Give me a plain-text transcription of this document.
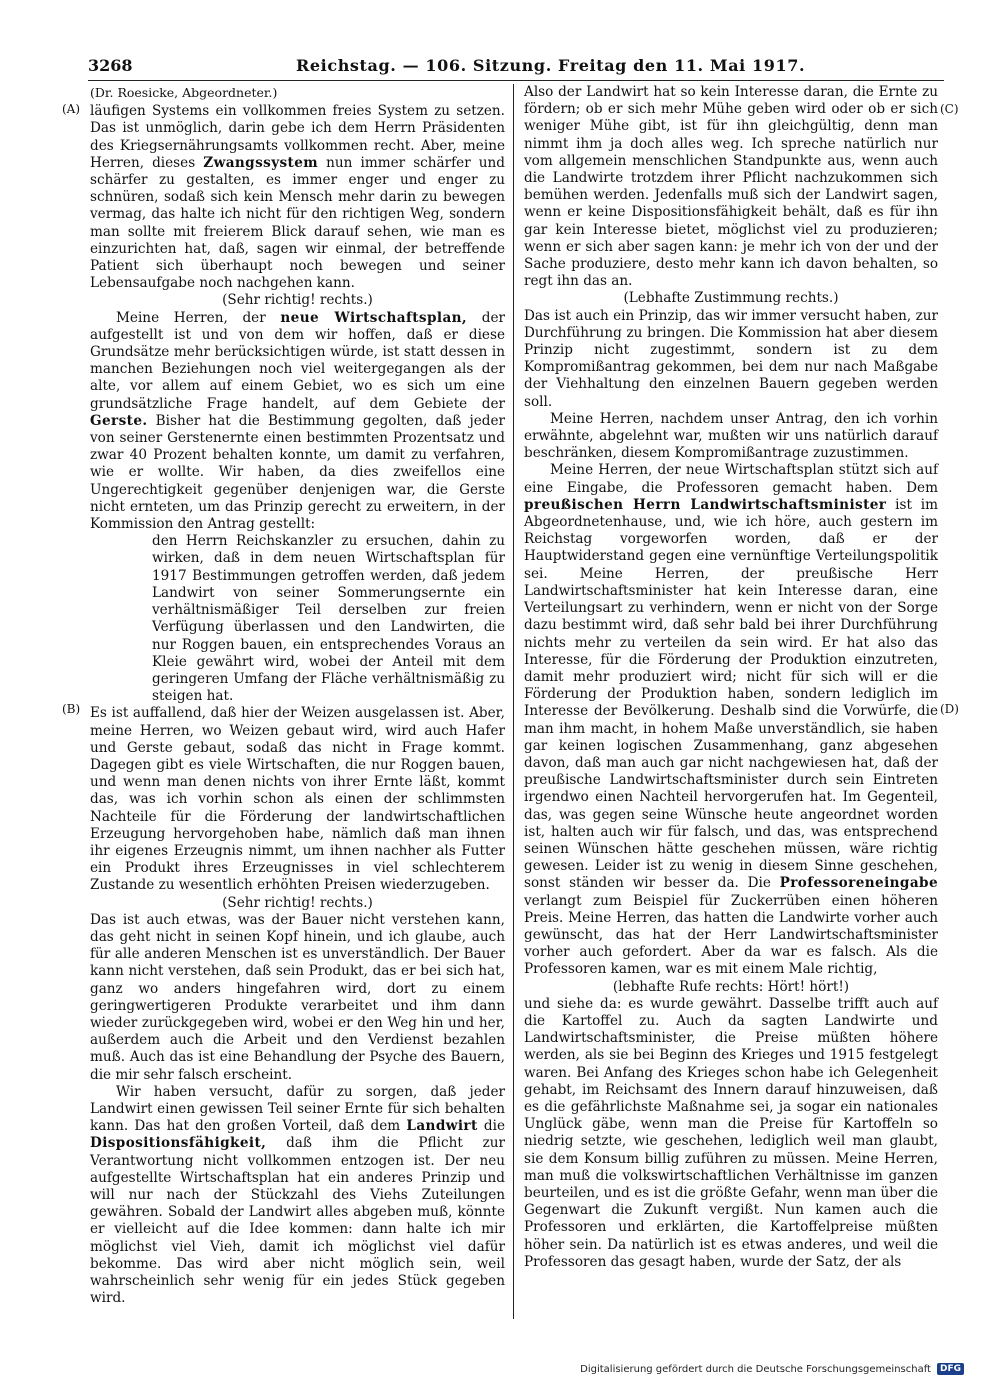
3268	Reichstag. — 106. Sitzung. Freitag den 11. Mai 1917.
(A)
(B)
(C)
(D)

(Dr. Roesicke, Abgeordneter.)

läufigen Systems ein vollkommen freies System zu setzen. Das ist unmöglich, darin gebe ich dem Herrn Präsidenten des Kriegsernährungsamts vollkommen recht. Aber, meine Herren, dieses Zwangssystem nun immer schärfer und schärfer zu gestalten, es immer enger und enger zu schnüren, sodaß sich kein Mensch mehr darin zu bewegen vermag, das halte ich nicht für den richtigen Weg, sondern man sollte mit freierem Blick darauf sehen, wie man es einzurichten hat, daß, sagen wir einmal, der betreffende Patient sich überhaupt noch bewegen und seiner Lebensaufgabe noch nachgehen kann.

(Sehr richtig! rechts.)

Meine Herren, der neue Wirtschaftsplan, der aufgestellt ist und von dem wir hoffen, daß er diese Grundsätze mehr berücksichtigen würde, ist statt dessen in manchen Beziehungen noch viel weitergegangen als der alte, vor allem auf einem Gebiet, wo es sich um eine grundsätzliche Frage handelt, auf dem Gebiete der Gerste. Bisher hat die Bestimmung gegolten, daß jeder von seiner Gerstenernte einen bestimmten Prozentsatz und zwar 40 Prozent behalten konnte, um damit zu verfahren, wie er wollte. Wir haben, da dies zweifellos eine Ungerechtigkeit gegenüber denjenigen war, die Gerste nicht ernteten, um das Prinzip gerecht zu erweitern, in der Kommission den Antrag gestellt:

den Herrn Reichskanzler zu ersuchen, dahin zu wirken, daß in dem neuen Wirtschaftsplan für 1917 Bestimmungen getroffen werden, daß jedem Landwirt von seiner Sommerungsernte ein verhältnismäßiger Teil derselben zur freien Verfügung überlassen und den Landwirten, die nur Roggen bauen, ein entsprechendes Voraus an Kleie gewährt wird, wobei der Anteil mit dem geringeren Umfang der Fläche verhältnismäßig zu steigen hat.

Es ist auffallend, daß hier der Weizen ausgelassen ist. Aber, meine Herren, wo Weizen gebaut wird, wird auch Hafer und Gerste gebaut, sodaß das nicht in Frage kommt. Dagegen gibt es viele Wirtschaften, die nur Roggen bauen, und wenn man denen nichts von ihrer Ernte läßt, kommt das, was ich vorhin schon als einen der schlimmsten Nachteile für die Förderung der landwirtschaftlichen Erzeugung hervorgehoben habe, nämlich daß man ihnen ihr eigenes Erzeugnis nimmt, um ihnen nachher als Futter ein Produkt ihres Erzeugnisses in viel schlechterem Zustande zu wesentlich erhöhten Preisen wiederzugeben.

(Sehr richtig! rechts.)

Das ist auch etwas, was der Bauer nicht verstehen kann, das geht nicht in seinen Kopf hinein, und ich glaube, auch für alle anderen Menschen ist es unverständlich. Der Bauer kann nicht verstehen, daß sein Produkt, das er bei sich hat, ganz wo anders hingefahren wird, dort zu einem geringwertigeren Produkte verarbeitet und ihm dann wieder zurückgegeben wird, wobei er den Weg hin und her, außerdem auch die Arbeit und den Verdienst bezahlen muß. Auch das ist eine Behandlung der Psyche des Bauern, die mir sehr falsch erscheint.

Wir haben versucht, dafür zu sorgen, daß jeder Landwirt einen gewissen Teil seiner Ernte für sich behalten kann. Das hat den großen Vorteil, daß dem Landwirt die Dispositionsfähigkeit, daß ihm die Pflicht zur Verantwortung nicht vollkommen entzogen ist. Der neu aufgestellte Wirtschaftsplan hat ein anderes Prinzip und will nur nach der Stückzahl des Viehs Zuteilungen gewähren. Sobald der Landwirt alles abgeben muß, könnte er vielleicht auf die Idee kommen: dann halte ich mir möglichst viel Vieh, damit ich möglichst viel dafür bekomme. Das wird aber nicht möglich sein, weil wahrscheinlich sehr wenig für ein jedes Stück gegeben wird.

Also der Landwirt hat so kein Interesse daran, die Ernte zu fördern; ob er sich mehr Mühe geben wird oder ob er sich weniger Mühe gibt, ist für ihn gleichgültig, denn man nimmt ihm ja doch alles weg. Ich spreche natürlich nur vom allgemein menschlichen Standpunkte aus, wenn auch die Landwirte trotzdem ihrer Pflicht nachzukommen sich bemühen werden. Jedenfalls muß sich der Landwirt sagen, wenn er keine Dispositionsfähigkeit behält, daß es für ihn gar kein Interesse bietet, möglichst viel zu produzieren; wenn er sich aber sagen kann: je mehr ich von der und der Sache produziere, desto mehr kann ich davon behalten, so regt ihn das an.

(Lebhafte Zustimmung rechts.)

Das ist auch ein Prinzip, das wir immer versucht haben, zur Durchführung zu bringen. Die Kommission hat aber diesem Prinzip nicht zugestimmt, sondern ist zu dem Kompromißantrag gekommen, bei dem nur nach Maßgabe der Viehhaltung den einzelnen Bauern gegeben werden soll.

Meine Herren, nachdem unser Antrag, den ich vorhin erwähnte, abgelehnt war, mußten wir uns natürlich darauf beschränken, diesem Kompromißantrage zuzustimmen.

Meine Herren, der neue Wirtschaftsplan stützt sich auf eine Eingabe, die Professoren gemacht haben. Dem preußischen Herrn Landwirtschaftsminister ist im Abgeordnetenhause, und, wie ich höre, auch gestern im Reichstag vorgeworfen worden, daß er der Hauptwiderstand gegen eine vernünftige Verteilungspolitik sei. Meine Herren, der preußische Herr Landwirtschaftsminister hat kein Interesse daran, eine Verteilungsart zu verhindern, wenn er nicht von der Sorge dazu bestimmt wird, daß sehr bald bei ihrer Durchführung nichts mehr zu verteilen da sein wird. Er hat also das Interesse, für die Förderung der Produktion einzutreten, damit mehr produziert wird; nicht für sich will er die Förderung der Produktion haben, sondern lediglich im Interesse der Bevölkerung. Deshalb sind die Vorwürfe, die man ihm macht, in hohem Maße unverständlich, sie haben gar keinen logischen Zusammenhang, ganz abgesehen davon, daß man auch gar nicht nachgewiesen hat, daß der preußische Landwirtschaftsminister durch sein Eintreten irgendwo einen Nachteil hervorgerufen hat. Im Gegenteil, das, was gegen seine Wünsche heute angeordnet worden ist, halten auch wir für falsch, und das, was entsprechend seinen Wünschen hätte geschehen müssen, wäre richtig gewesen. Leider ist zu wenig in diesem Sinne geschehen, sonst ständen wir besser da. Die Professoreneingabe verlangt zum Beispiel für Zuckerrüben einen höheren Preis. Meine Herren, das hatten die Landwirte vorher auch gewünscht, das hat der Herr Landwirtschaftsminister vorher auch gefordert. Aber da war es falsch. Als die Professoren kamen, war es mit einem Male richtig,

(lebhafte Rufe rechts: Hört! hört!)

und siehe da: es wurde gewährt. Dasselbe trifft auch auf die Kartoffel zu. Auch da sagten Landwirte und Landwirtschaftsminister, die Preise müßten höhere werden, als sie bei Beginn des Krieges und 1915 festgelegt waren. Bei Anfang des Krieges schon habe ich Gelegenheit gehabt, im Reichsamt des Innern darauf hinzuweisen, daß es die gefährlichste Maßnahme sei, ja sogar ein nationales Unglück gäbe, wenn man die Preise für Kartoffeln so niedrig setzte, wie geschehen, lediglich weil man glaubt, sie dem Konsum billig zuführen zu müssen. Meine Herren, man muß die volkswirtschaftlichen Verhältnisse im ganzen beurteilen, und es ist die größte Gefahr, wenn man über die Gegenwart die Zukunft vergißt. Nun kamen auch die Professoren und erklärten, die Kartoffelpreise müßten höher sein. Da natürlich ist es etwas anderes, und weil die Professoren das gesagt haben, wurde der Satz, der als

Digitalisierung gefördert durch die Deutsche Forschungsgemeinschaft	DFG
